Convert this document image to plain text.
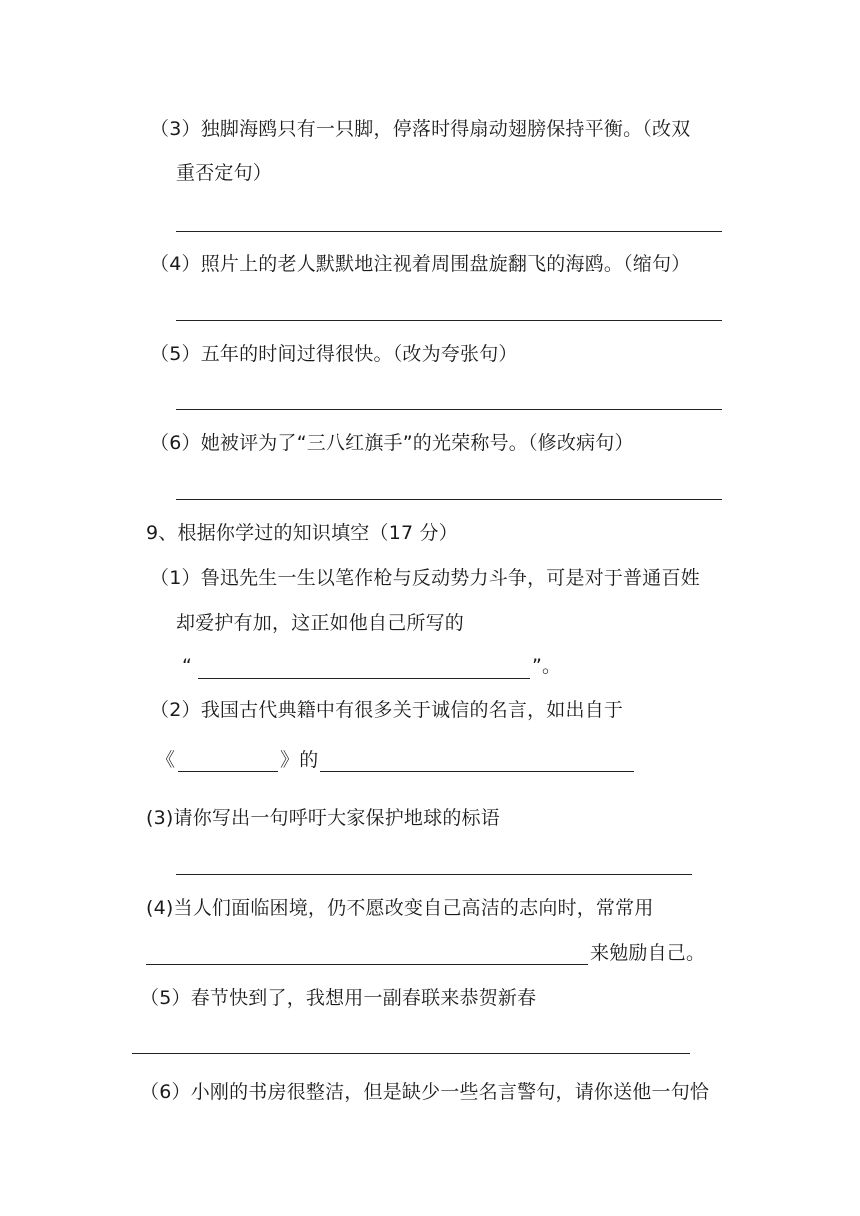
（3）独脚海鸥只有一只脚，停落时得扇动翅膀保持平衡。（改双
重否定句）
（4）照片上的老人默默地注视着周围盘旋翻飞的海鸥。（缩句）
（5）五年的时间过得很快。（改为夸张句）
（6）她被评为了“三八红旗手”的光荣称号。（修改病句）
9、根据你学过的知识填空（17 分）
（1）鲁迅先生一生以笔作枪与反动势力斗争，可是对于普通百姓
却爱护有加，这正如他自己所写的
“	”。
（2）我国古代典籍中有很多关于诚信的名言，如出自于
《	》的
(3)请你写出一句呼吁大家保护地球的标语
(4)当人们面临困境，仍不愿改变自己高洁的志向时，常常用
来勉励自己。
（5）春节快到了，我想用一副春联来恭贺新春
（6）小刚的书房很整洁，但是缺少一些名言警句，请你送他一句恰
